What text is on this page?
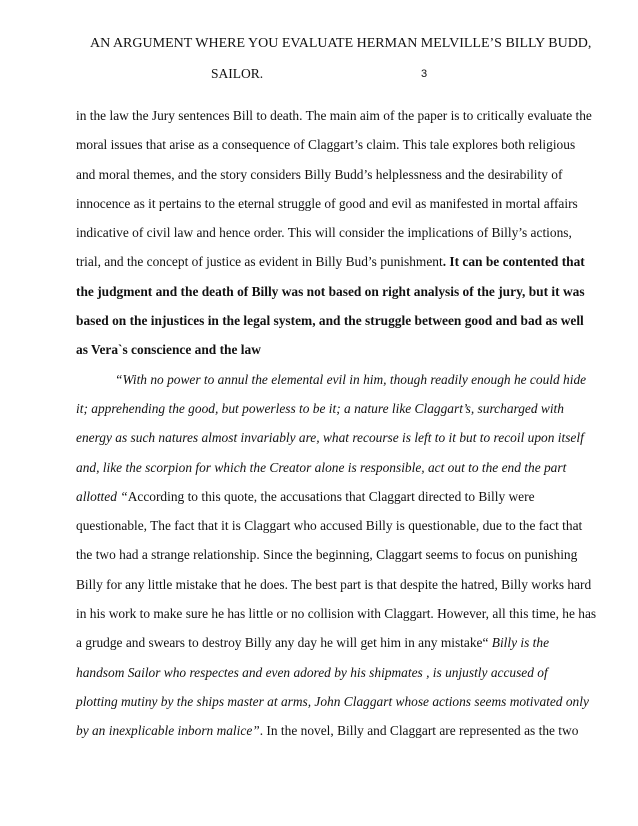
AN ARGUMENT WHERE YOU EVALUATE HERMAN MELVILLE’S BILLY BUDD,
SAILOR.	3
in the law the Jury sentences Bill to death. The main aim of the paper is to critically evaluate the
moral issues that arise as a consequence of Claggart’s claim. This tale explores both religious
and moral themes, and the story considers Billy Budd’s helplessness and the desirability of
innocence as it pertains to the eternal struggle of good and evil as manifested in mortal affairs
indicative of civil law and hence order. This will consider the implications of Billy’s actions,
trial, and the concept of justice as evident in Billy Bud’s punishment. It can be contented that
the judgment and the death of Billy was not based on right analysis of the jury, but it was
based on the injustices in the legal system, and the struggle between good and bad as well
as Vera`s conscience and the law
“With no power to annul the elemental evil in him, though readily enough he could hide
it; apprehending the good, but powerless to be it; a nature like Claggart’s, surcharged with
energy as such natures almost invariably are, what recourse is left to it but to recoil upon itself
and, like the scorpion for which the Creator alone is responsible, act out to the end the part
allotted “According to this quote, the accusations that Claggart directed to Billy were
questionable, The fact that it is Claggart who accused Billy is questionable, due to the fact that
the two had a strange relationship. Since the beginning, Claggart seems to focus on punishing
Billy for any little mistake that he does. The best part is that despite the hatred, Billy works hard
in his work to make sure he has little or no collision with Claggart. However, all this time, he has
a grudge and swears to destroy Billy any day he will get him in any mistake“ Billy is the
handsom Sailor who respectes and even adored by his shipmates , is unjustly accused of
plotting mutiny by the ships master at arms, John Claggart whose actions seems motivated only
by an inexplicable inborn malice”. In the novel, Billy and Claggart are represented as the two
